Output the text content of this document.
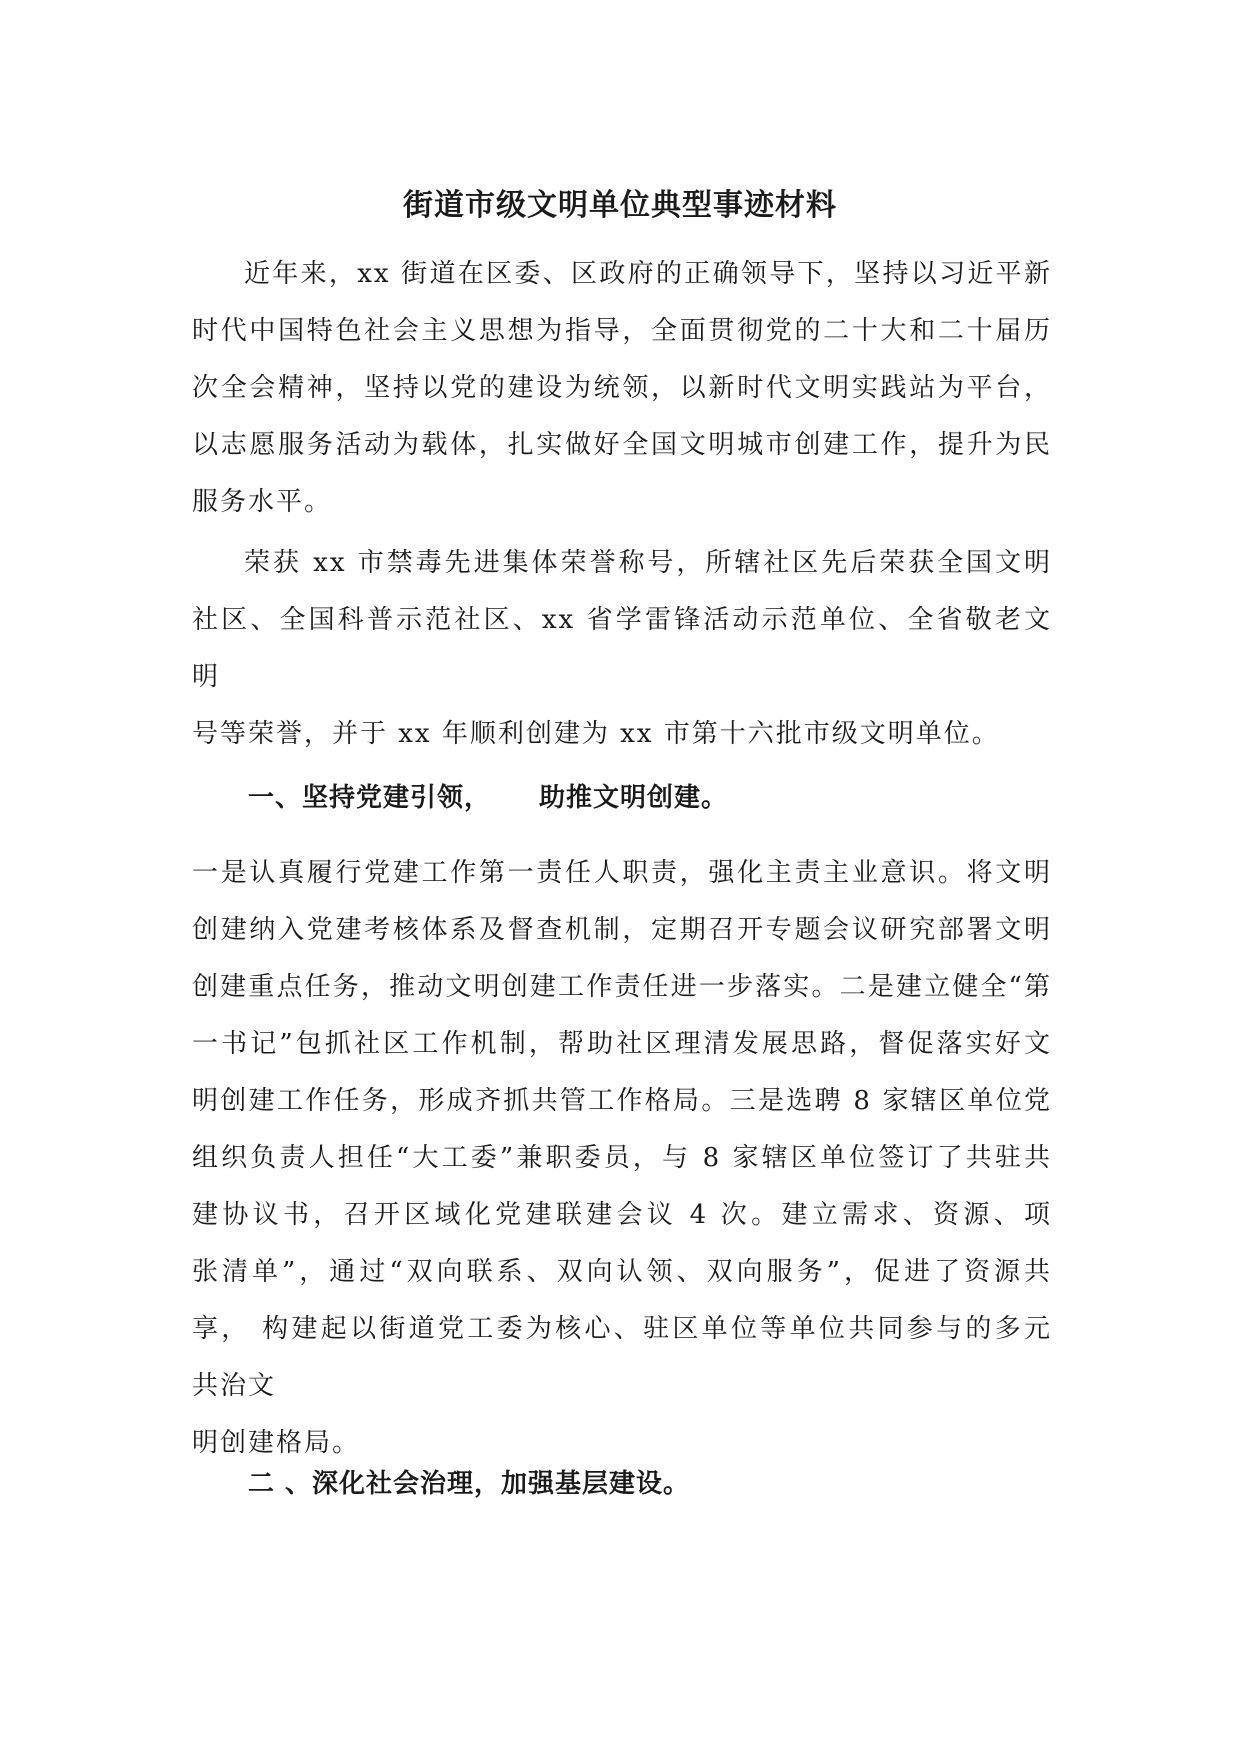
街道市级文明单位典型事迹材料
近年来，xx 街道在区委、区政府的正确领导下，坚持以习近平新
时代中国特色社会主义思想为指导，全面贯彻党的二十大和二十届历
次全会精神，坚持以党的建设为统领，以新时代文明实践站为平台，
以志愿服务活动为载体，扎实做好全国文明城市创建工作，提升为民
服务水平。
荣获 xx 市禁毒先进集体荣誉称号，所辖社区先后荣获全国文明
社区、全国科普示范社区、xx 省学雷锋活动示范单位、全省敬老文
明
号等荣誉，并于 xx 年顺利创建为 xx 市第十六批市级文明单位。
一、坚持党建引领， 助推文明创建。
一是认真履行党建工作第一责任人职责，强化主责主业意识。将文明
创建纳入党建考核体系及督查机制，定期召开专题会议研究部署文明
创建重点任务，推动文明创建工作责任进一步落实。二是建立健全“第
一书记”包抓社区工作机制，帮助社区理清发展思路，督促落实好文
明创建工作任务，形成齐抓共管工作格局。三是选聘 8 家辖区单位党
组织负责人担任“大工委”兼职委员，与 8 家辖区单位签订了共驻共
建协议书，召开区域化党建联建会议 4 次。建立需求、资源、项
张清单”，通过“双向联系、双向认领、双向服务”，促进了资源共
享， 构建起以街道党工委为核心、驻区单位等单位共同参与的多元
共治文
明创建格局。
二 、深化社会治理，加强基层建设。
